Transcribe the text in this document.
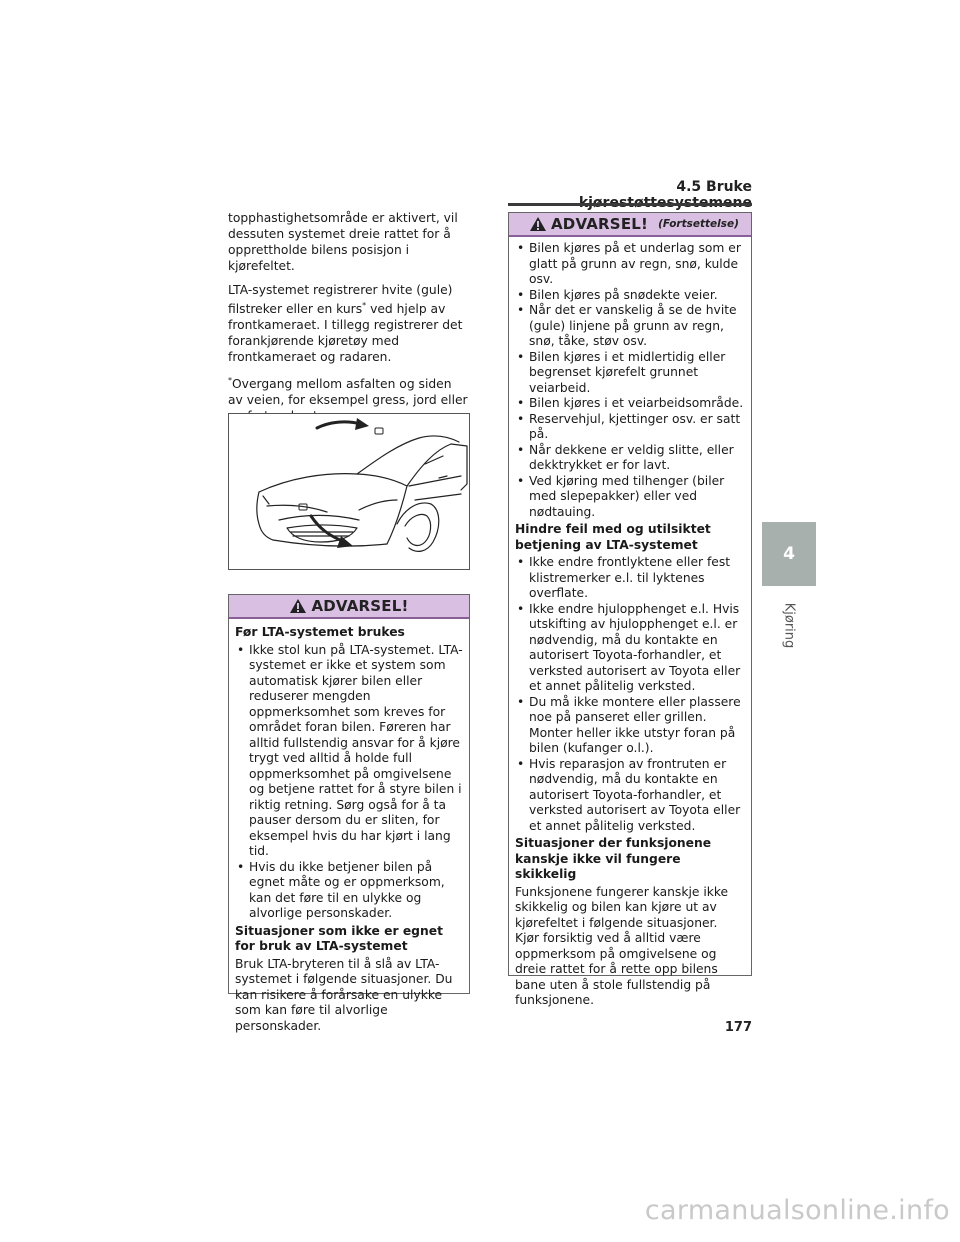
4.5 Bruke
4
Kjøring

topphastighetsområde er aktivert, vil dessuten systemet dreie rattet for å opprettholde bilens posisjon i kjørefeltet.

LTA-systemet registrerer hvite (gule) filstreker eller en kurs* ved hjelp av frontkameraet. I tillegg registrerer det forankjørende kjøretøy med frontkameraet og radaren.

*Overgang mellom asfalten og siden av veien, for eksempel gress, jord eller

ADVARSEL!

Før LTA-systemet brukes

• Ikke stol kun på LTA-systemet. LTA-systemet er ikke et system som automatisk kjører bilen eller reduserer mengden oppmerksomhet som kreves for området foran bilen. Føreren har alltid fullstendig ansvar for å kjøre trygt ved alltid å holde full oppmerksomhet på omgivelsene og betjene rattet for å styre bilen i riktig retning. Sørg også for å ta pauser dersom du er sliten, for eksempel hvis du har kjørt i lang tid.

• Hvis du ikke betjener bilen på egnet måte og er oppmerksom, kan det føre til en ulykke og alvorlige personskader.

Situasjoner som ikke er egnet for bruk av LTA-systemet

Bruk LTA-bryteren til å slå av LTA-systemet i følgende situasjoner. Du kan risikere å forårsake en ulykke som kan føre til alvorlige personskader.

ADVARSEL! (Fortsettelse)

• Bilen kjøres på et underlag som er glatt på grunn av regn, snø, kulde osv.

• Bilen kjøres på snødekte veier.

• Når det er vanskelig å se de hvite (gule) linjene på grunn av regn, snø, tåke, støv osv.

• Bilen kjøres i et midlertidig eller begrenset kjørefelt grunnet veiarbeid.

• Bilen kjøres i et veiarbeidsområde.

• Reservehjul, kjettinger osv. er satt på.

• Når dekkene er veldig slitte, eller dekktrykket er for lavt.

• Ved kjøring med tilhenger (biler med slepepakker) eller ved nødtauing.

Hindre feil med og utilsiktet betjening av LTA-systemet

• Ikke endre frontlyktene eller fest klistremerker e.l. til lyktenes overflate.

• Ikke endre hjulopphenget e.l. Hvis utskifting av hjulopphenget e.l. er nødvendig, må du kontakte en autorisert Toyota-forhandler, et verksted autorisert av Toyota eller et annet pålitelig verksted.

• Du må ikke montere eller plassere noe på panseret eller grillen. Monter heller ikke utstyr foran på bilen (kufanger o.l.).

• Hvis reparasjon av frontruten er nødvendig, må du kontakte en autorisert Toyota-forhandler, et verksted autorisert av Toyota eller et annet pålitelig verksted.

Situasjoner der funksjonene kanskje ikke vil fungere skikkelig

Funksjonene fungerer kanskje ikke skikkelig og bilen kan kjøre ut av kjørefeltet i følgende situasjoner.

Kjør forsiktig ved å alltid være oppmerksom på omgivelsene og dreie rattet for å rette opp bilens bane uten å stole fullstendig på funksjonene.

177
carmanualsonline.info
